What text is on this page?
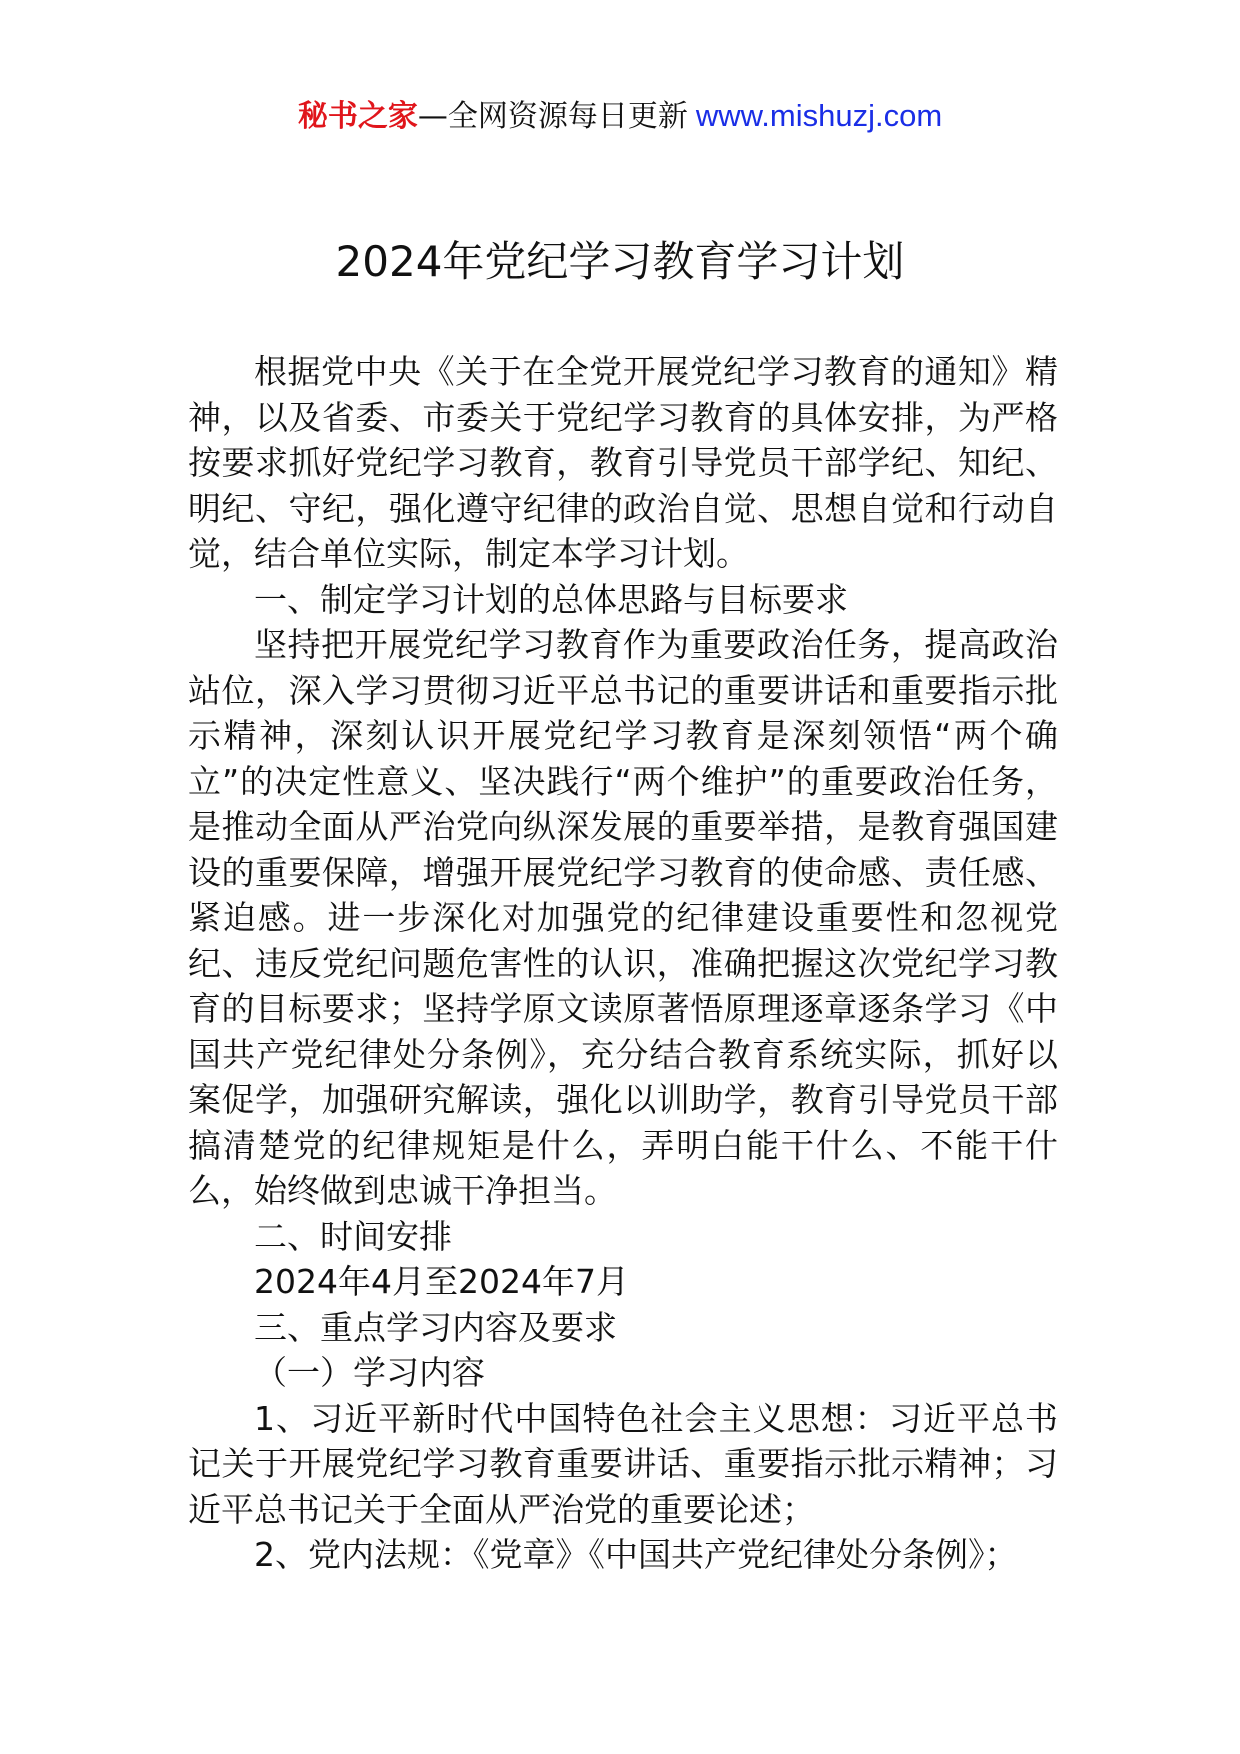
秘书之家—全网资源每日更新 www.mishuzj.com
2024年党纪学习教育学习计划

根据党中央《关于在全党开展党纪学习教育的通知》精神，以及省委、市委关于党纪学习教育的具体安排，为严格按要求抓好党纪学习教育，教育引导党员干部学纪、知纪、明纪、守纪，强化遵守纪律的政治自觉、思想自觉和行动自觉，结合单位实际，制定本学习计划。

一、制定学习计划的总体思路与目标要求

坚持把开展党纪学习教育作为重要政治任务，提高政治站位，深入学习贯彻习近平总书记的重要讲话和重要指示批示精神，深刻认识开展党纪学习教育是深刻领悟“两个确立”的决定性意义、坚决践行“两个维护”的重要政治任务，是推动全面从严治党向纵深发展的重要举措，是教育强国建设的重要保障，增强开展党纪学习教育的使命感、责任感、紧迫感。进一步深化对加强党的纪律建设重要性和忽视党纪、违反党纪问题危害性的认识，准确把握这次党纪学习教育的目标要求；坚持学原文读原著悟原理逐章逐条学习《中国共产党纪律处分条例》，充分结合教育系统实际，抓好以案促学，加强研究解读，强化以训助学，教育引导党员干部搞清楚党的纪律规矩是什么，弄明白能干什么、不能干什么，始终做到忠诚干净担当。

二、时间安排

2024年4月至2024年7月

三、重点学习内容及要求

（一）学习内容

1、习近平新时代中国特色社会主义思想：习近平总书记关于开展党纪学习教育重要讲话、重要指示批示精神；习近平总书记关于全面从严治党的重要论述；

2、党内法规：《党章》《中国共产党纪律处分条例》；
